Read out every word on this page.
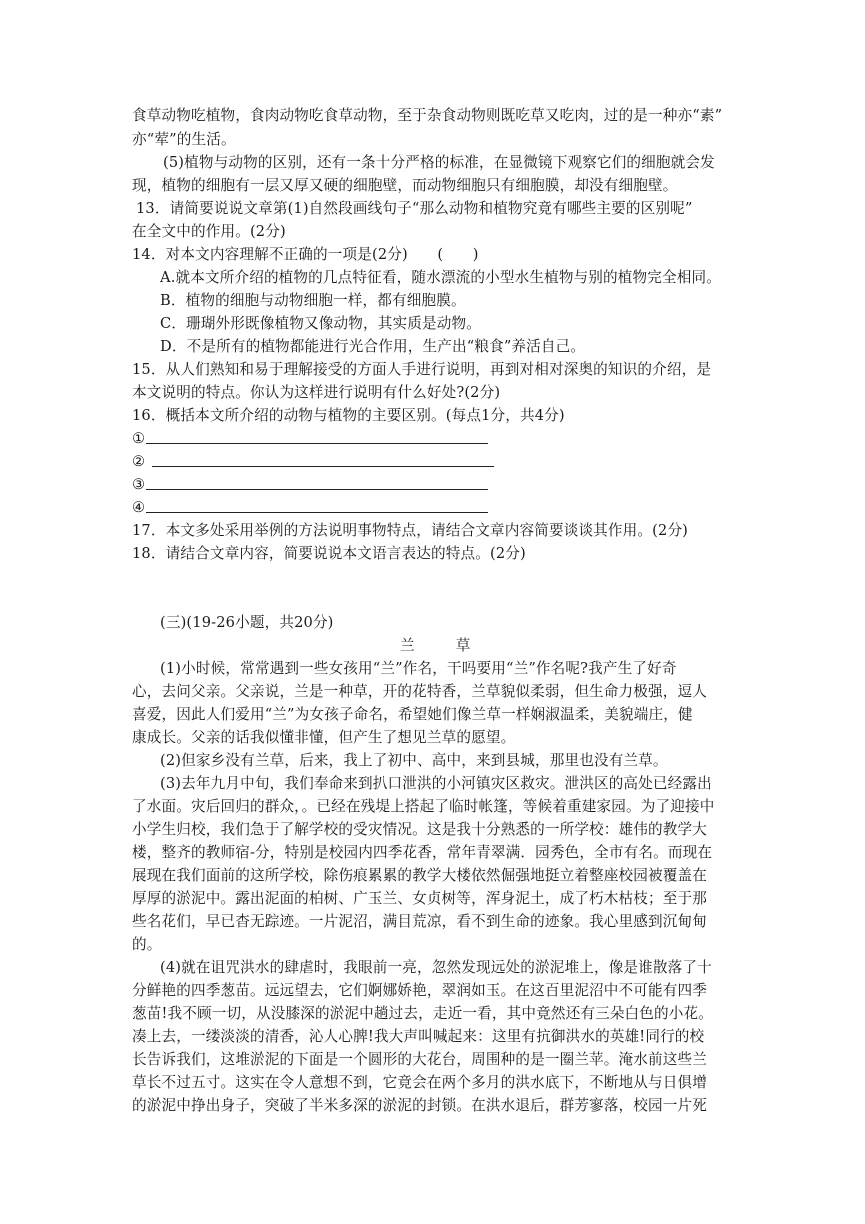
食草动物吃植物，食肉动物吃食草动物，至于杂食动物则既吃草又吃肉，过的是一种亦“素”
亦“荤”的生活。
(5)植物与动物的区别，还有一条十分严格的标准，在显微镜下观察它们的细胞就会发
现，植物的细胞有一层又厚又硬的细胞壁，而动物细胞只有细胞膜，却没有细胞壁。
13．请简要说说文章第(1)自然段画线句子“那么动物和植物究竟有哪些主要的区别呢”
在全文中的作用。(2分)
14．对本文内容理解不正确的一项是(2分)　　(　　)
A.就本文所介绍的植物的几点特征看，随水漂流的小型水生植物与别的植物完全相同。
B．植物的细胞与动物细胞一样，都有细胞膜。
C．珊瑚外形既像植物又像动物，其实质是动物。
D．不是所有的植物都能进行光合作用，生产出“粮食”养活自己。
15．从人们熟知和易于理解接受的方面人手进行说明，再到对相对深奥的知识的介绍，是
本文说明的特点。你认为这样进行说明有什么好处?(2分)
16．概括本文所介绍的动物与植物的主要区别。(每点1分，共4分)
①
②
③
④
17．本文多处采用举例的方法说明事物特点，请结合文章内容简要谈谈其作用。(2分)
18．请结合文章内容，简要说说本文语言表达的特点。(2分)
(三)(19-26小题，共20分)
兰　　草
(1)小时候，常常遇到一些女孩用“兰”作名，干吗要用“兰”作名呢?我产生了好奇
心，去问父亲。父亲说，兰是一种草，开的花特香，兰草貌似柔弱，但生命力极强，逗人
喜爱，因此人们爱用“兰”为女孩子命名，希望她们像兰草一样娴淑温柔，美貌端庄，健
康成长。父亲的话我似懂非懂，但产生了想见兰草的愿望。
(2)但家乡没有兰草，后来，我上了初中、高中，来到县城，那里也没有兰草。
(3)去年九月中旬，我们奉命来到扒口泄洪的小河镇灾区救灾。泄洪区的高处已经露出
了水面。灾后回归的群众，。已经在残堤上搭起了临时帐篷，等候着重建家园。为了迎接中
小学生归校，我们急于了解学校的受灾情况。这是我十分熟悉的一所学校：雄伟的教学大
楼，整齐的教师宿-分，特别是校园内四季花香，常年青翠满．园秀色，全市有名。而现在
展现在我们面前的这所学校，除伤痕累累的教学大楼依然倔强地挺立着整座校园被覆盖在
厚厚的淤泥中。露出泥面的柏树、广玉兰、女贞树等，浑身泥土，成了朽木枯枝；至于那
些名花们，早已杳无踪迹。一片泥沼，满目荒凉，看不到生命的迹象。我心里感到沉甸甸
的。
(4)就在诅咒洪水的肆虐时，我眼前一亮，忽然发现远处的淤泥堆上，像是谁散落了十
分鲜艳的四季葱苗。远远望去，它们婀娜娇艳，翠润如玉。在这百里泥沼中不可能有四季
葱苗!我不顾一切，从没膝深的淤泥中趟过去，走近一看，其中竟然还有三朵白色的小花。
凑上去，一缕淡淡的清香，沁人心脾!我大声叫喊起来：这里有抗御洪水的英雄!同行的校
长告诉我们，这堆淤泥的下面是一个圆形的大花台，周围种的是一圈兰苹。淹水前这些兰
草长不过五寸。这实在令人意想不到，它竟会在两个多月的洪水底下，不断地从与日俱增
的淤泥中挣出身子，突破了半米多深的淤泥的封锁。在洪水退后，群芳寥落，校园一片死
